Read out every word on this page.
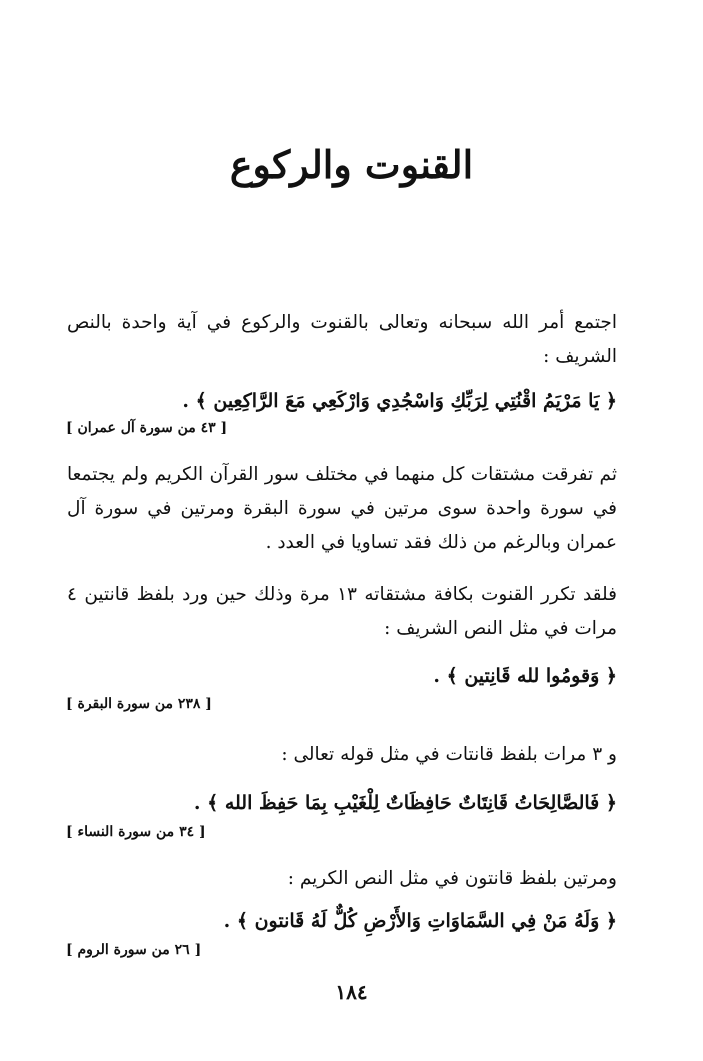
القنوت والركوع
اجتمع أمر الله سبحانه وتعالى بالقنوت والركوع في آية واحدة بالنص الشريف :
﴿ يَا مَرْيَمُ اقْنُتِي لِرَبِّكِ وَاسْجُدِي وَارْكَعِي مَعَ الرَّاكِعِين ﴾ .
[ ٤٣ من سورة آل عمران ]
ثم تفرقت مشتقات كل منهما في مختلف سور القرآن الكريم ولم يجتمعا في سورة واحدة سوى مرتين في سورة البقرة ومرتين في سورة آل عمران وبالرغم من ذلك فقد تساويا في العدد .
فلقد تكرر القنوت بكافة مشتقاته ١٣ مرة وذلك حين ورد بلفظ قانتين ٤ مرات في مثل النص الشريف :
﴿ وَقومُوا لله قَانِتين ﴾ .
[ ٢٣٨ من سورة البقرة ]
و ٣ مرات بلفظ قانتات في مثل قوله تعالى :
﴿ فَالصَّالِحَاتُ قَانِتَاتٌ حَافِظَاتٌ لِلْغَيْبِ بِمَا حَفِظَ الله ﴾ .
[ ٣٤ من سورة النساء ]
ومرتين بلفظ قانتون في مثل النص الكريم :
﴿ وَلَهُ مَنْ فِي السَّمَاوَاتِ وَالأَرْضِ كُلٌّ لَهُ قَانتون ﴾ .
[ ٢٦ من سورة الروم ]
١٨٤
